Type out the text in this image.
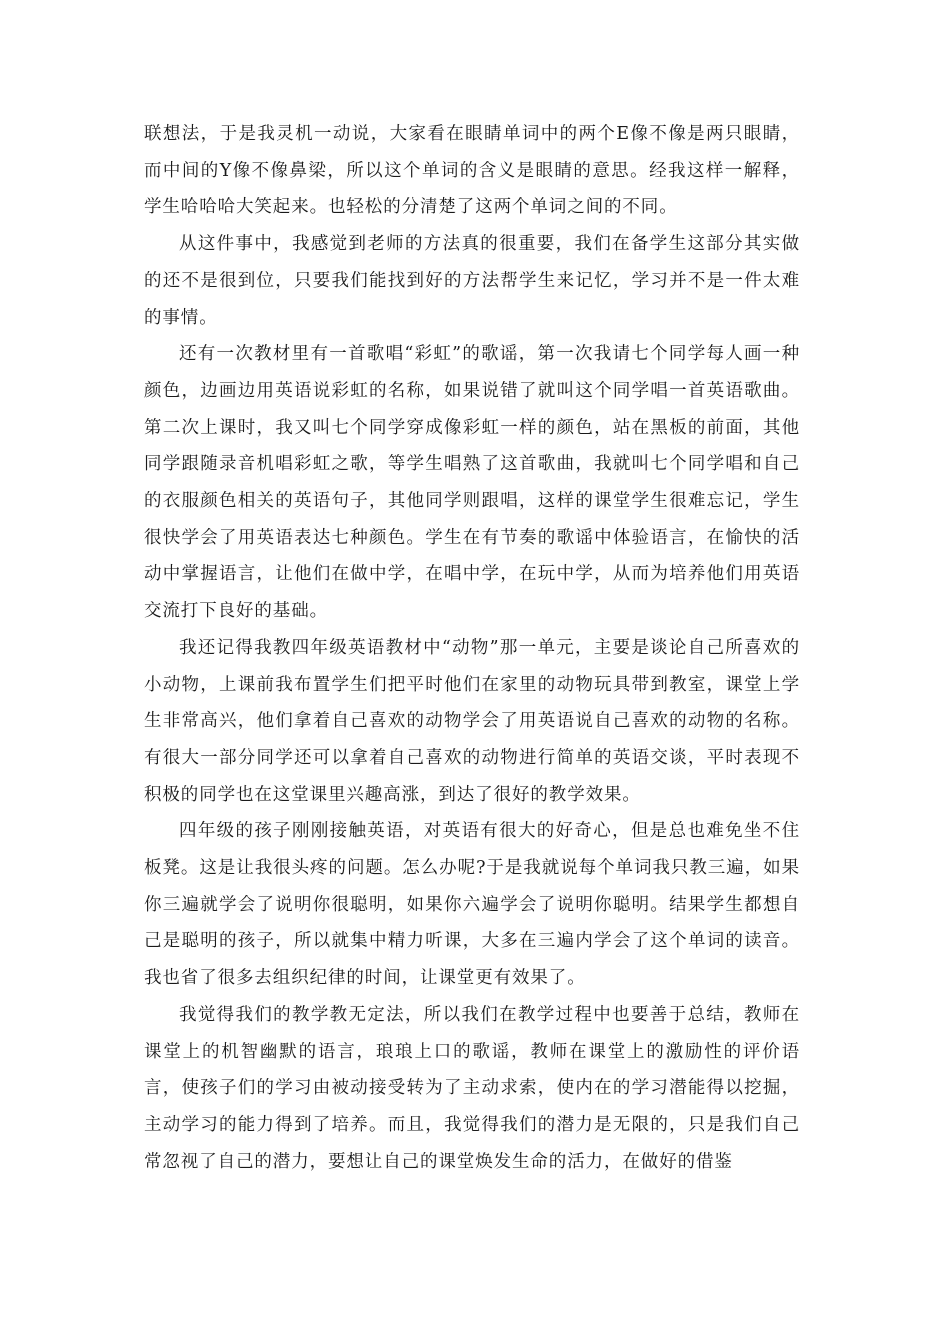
联想法，于是我灵机一动说，大家看在眼睛单词中的两个E像不像是两只眼睛，而中间的Y像不像鼻梁，所以这个单词的含义是眼睛的意思。经我这样一解释，学生哈哈哈大笑起来。也轻松的分清楚了这两个单词之间的不同。

从这件事中，我感觉到老师的方法真的很重要，我们在备学生这部分其实做的还不是很到位，只要我们能找到好的方法帮学生来记忆，学习并不是一件太难的事情。

还有一次教材里有一首歌唱“彩虹”的歌谣，第一次我请七个同学每人画一种颜色，边画边用英语说彩虹的名称，如果说错了就叫这个同学唱一首英语歌曲。第二次上课时，我又叫七个同学穿成像彩虹一样的颜色，站在黑板的前面，其他同学跟随录音机唱彩虹之歌，等学生唱熟了这首歌曲，我就叫七个同学唱和自己的衣服颜色相关的英语句子，其他同学则跟唱，这样的课堂学生很难忘记，学生很快学会了用英语表达七种颜色。学生在有节奏的歌谣中体验语言，在愉快的活动中掌握语言，让他们在做中学，在唱中学，在玩中学，从而为培养他们用英语交流打下良好的基础。

我还记得我教四年级英语教材中“动物”那一单元，主要是谈论自己所喜欢的小动物，上课前我布置学生们把平时他们在家里的动物玩具带到教室，课堂上学生非常高兴，他们拿着自己喜欢的动物学会了用英语说自己喜欢的动物的名称。有很大一部分同学还可以拿着自己喜欢的动物进行简单的英语交谈，平时表现不积极的同学也在这堂课里兴趣高涨，到达了很好的教学效果。

四年级的孩子刚刚接触英语，对英语有很大的好奇心，但是总也难免坐不住板凳。这是让我很头疼的问题。怎么办呢?于是我就说每个单词我只教三遍，如果你三遍就学会了说明你很聪明，如果你六遍学会了说明你聪明。结果学生都想自己是聪明的孩子，所以就集中精力听课，大多在三遍内学会了这个单词的读音。我也省了很多去组织纪律的时间，让课堂更有效果了。

我觉得我们的教学教无定法，所以我们在教学过程中也要善于总结，教师在课堂上的机智幽默的语言，琅琅上口的歌谣，教师在课堂上的激励性的评价语言，使孩子们的学习由被动接受转为了主动求索，使内在的学习潜能得以挖掘，主动学习的能力得到了培养。而且，我觉得我们的潜力是无限的，只是我们自己常忽视了自己的潜力，要想让自己的课堂焕发生命的活力，在做好的借鉴
